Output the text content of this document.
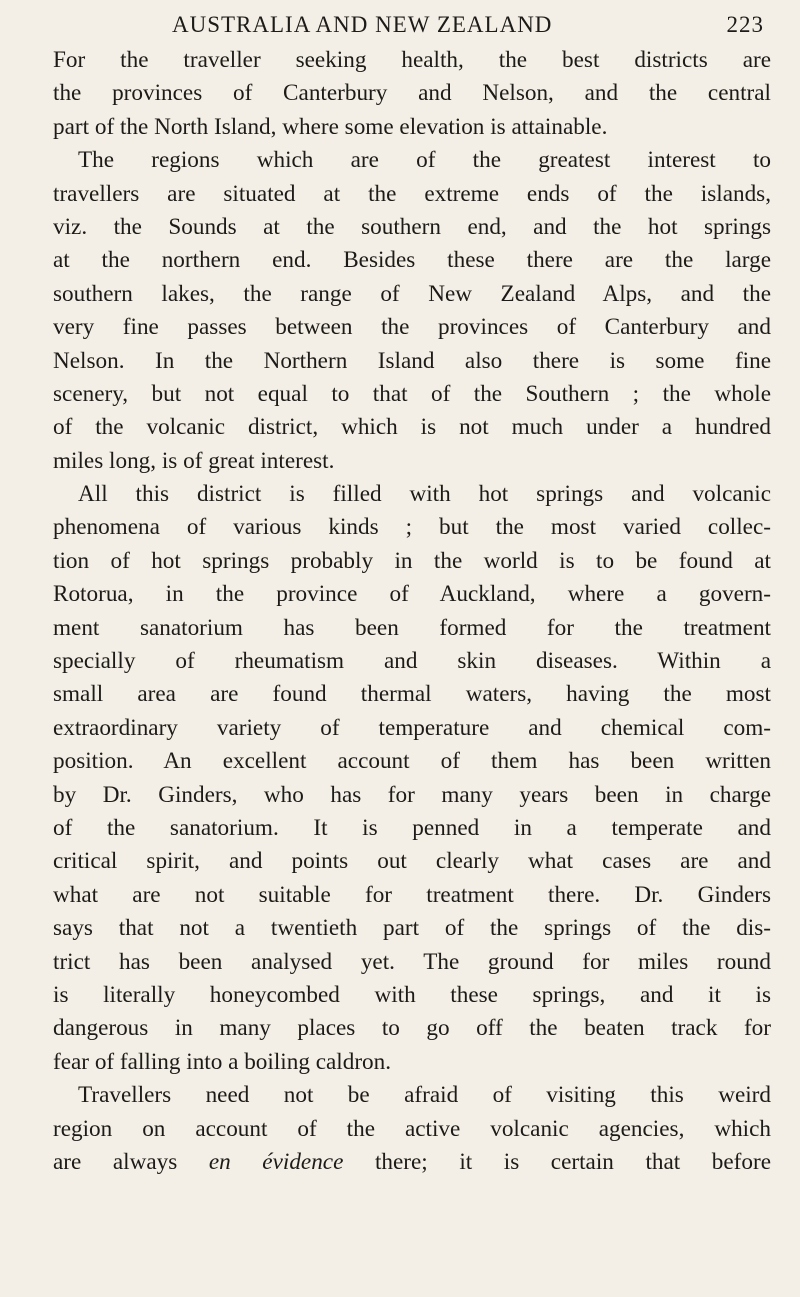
AUSTRALIA AND NEW ZEALAND	223
For the traveller seeking health, the best districts are
the provinces of Canterbury and Nelson, and the central
part of the North Island, where some elevation is attainable.
The regions which are of the greatest interest to
travellers are situated at the extreme ends of the islands,
viz. the Sounds at the southern end, and the hot springs
at the northern end. Besides these there are the large
southern lakes, the range of New Zealand Alps, and the
very fine passes between the provinces of Canterbury and
Nelson. In the Northern Island also there is some fine
scenery, but not equal to that of the Southern ; the whole
of the volcanic district, which is not much under a hundred
miles long, is of great interest.
All this district is filled with hot springs and volcanic
phenomena of various kinds ; but the most varied collec-
tion of hot springs probably in the world is to be found at
Rotorua, in the province of Auckland, where a govern-
ment sanatorium has been formed for the treatment
specially of rheumatism and skin diseases. Within a
small area are found thermal waters, having the most
extraordinary variety of temperature and chemical com-
position. An excellent account of them has been written
by Dr. Ginders, who has for many years been in charge
of the sanatorium. It is penned in a temperate and
critical spirit, and points out clearly what cases are and
what are not suitable for treatment there. Dr. Ginders
says that not a twentieth part of the springs of the dis-
trict has been analysed yet. The ground for miles round
is literally honeycombed with these springs, and it is
dangerous in many places to go off the beaten track for
fear of falling into a boiling caldron.
Travellers need not be afraid of visiting this weird
region on account of the active volcanic agencies, which
are always en évidence there; it is certain that before
